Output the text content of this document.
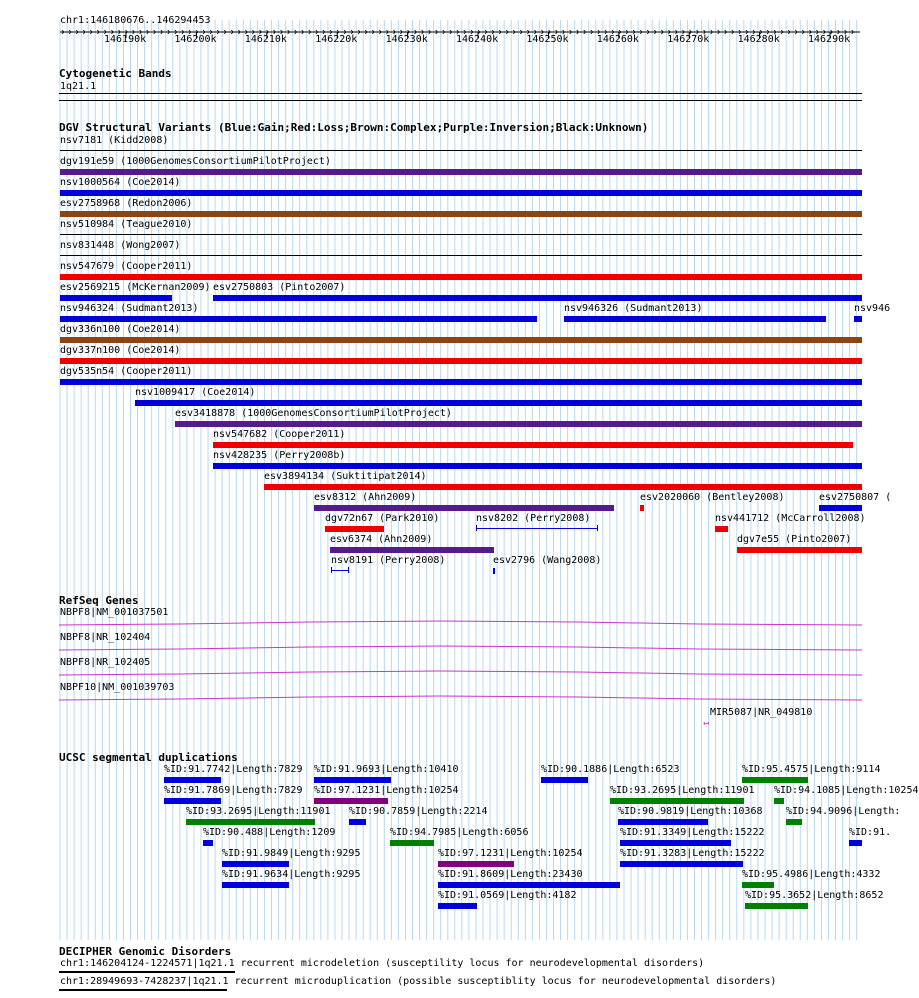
chr1:146180676..146294453
146190k	146200k	146210k	146220k	146230k	146240k	146250k	146260k	146270k	146280k	146290k
Cytogenetic Bands
1q21.1
DGV Structural Variants (Blue:Gain;Red:Loss;Brown:Complex;Purple:Inversion;Black:Unknown)
nsv7181 (Kidd2008)
dgv191e59 (1000GenomesConsortiumPilotProject)
nsv1000564 (Coe2014)
esv2758968 (Redon2006)
nsv510984 (Teague2010)
nsv831448 (Wong2007)
nsv547679 (Cooper2011)
esv2569215 (McKernan2009) esv2750803 (Pinto2007)
nsv946324 (Sudmant2013)	nsv946326 (Sudmant2013)	nsv946
dgv336n100 (Coe2014)
dgv337n100 (Coe2014)
dgv535n54 (Cooper2011)
nsv1009417 (Coe2014)
esv3418878 (1000GenomesConsortiumPilotProject)
nsv547682 (Cooper2011)
nsv428235 (Perry2008b)
esv3894134 (Suktitipat2014)
esv8312 (Ahn2009)	esv2020060 (Bentley2008)	esv2750807 (
dgv72n67 (Park2010)	nsv8202 (Perry2008)	nsv441712 (McCarroll2008)
esv6374 (Ahn2009)	dgv7e55 (Pinto2007)
nsv8191 (Perry2008)	esv2796 (Wang2008)
RefSeq Genes
NBPF8|NM_001037501
NBPF8|NR_102404
NBPF8|NR_102405
NBPF10|NM_001039703
MIR5087|NR_049810
↤
UCSC segmental duplications
%ID:91.7742|Length:7829 %ID:91.9693|Length:10410	%ID:90.1886|Length:6523	%ID:95.4575|Length:9114
%ID:91.7869|Length:7829 %ID:97.1231|Length:10254	%ID:93.2695|Length:11901 %ID:94.1085|Length:10254
%ID:93.2695|Length:11901 %ID:90.7859|Length:2214	%ID:90.9819|Length:10368 %ID:94.9096|Length:
%ID:90.488|Length:1209	%ID:94.7985|Length:6056	%ID:91.3349|Length:15222	%ID:91.
%ID:91.9849|Length:9295	%ID:97.1231|Length:10254	%ID:91.3283|Length:15222
%ID:91.9634|Length:9295	%ID:91.8609|Length:23430	%ID:95.4986|Length:4332
%ID:91.0569|Length:4182	%ID:95.3652|Length:8652
DECIPHER Genomic Disorders
chr1:146204124-1224571|1q21.1 recurrent microdeletion (susceptility locus for neurodevelopmental disorders)
chr1:28949693-7428237|1q21.1 recurrent microduplication (possible susceptiblity locus for neurodevelopmental disorders)
